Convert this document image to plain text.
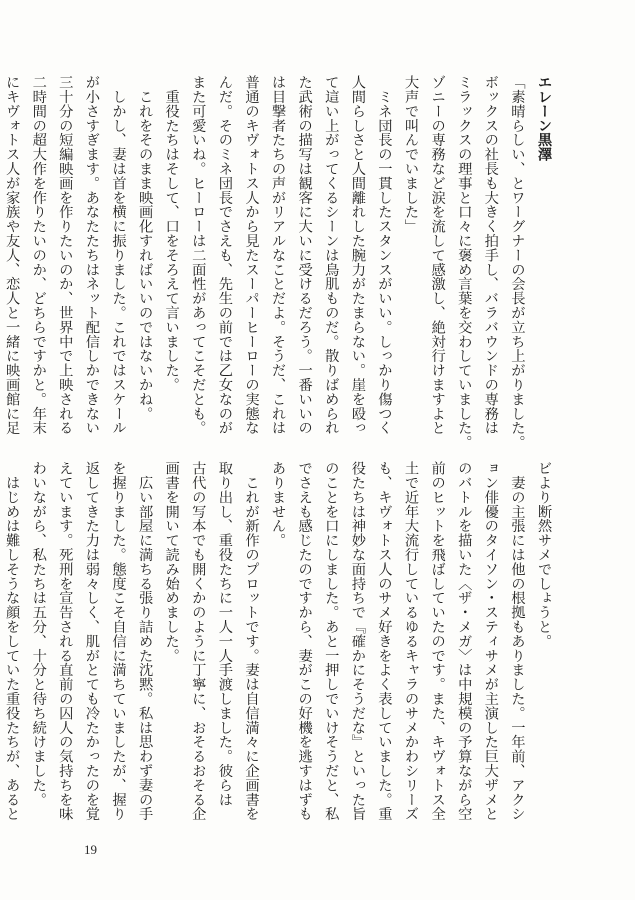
エレーン黒澤
「素晴らしい、とワーグナーの会長が立ち上がりました。
ボックスの社長も大きく拍手し、バラバウンドの専務は
ミラックスの理事と口々に褒め言葉を交わしていました。
ゾニーの専務など涙を流して感激し、絶対行けますよと
大声で叫んでいました」
　ミネ団長の一貫したスタンスがいい。しっかり傷つく
人間らしさと人間離れした腕力がたまらない。崖を殴っ
て這い上がってくるシーンは鳥肌ものだ。散りばめられ
た武術の描写は観客に大いに受けるだろう。一番いいの
は目撃者たちの声がリアルなことだよ。そうだ、これは
普通のキヴォトス人から見たスーパーヒーローの実態な
んだ。そのミネ団長でさえも、先生の前では乙女なのが
また可愛いね。ヒーローは二面性があってこそだとも。
　重役たちはそして、口をそろえて言いました。
　これをそのまま映画化すればいいのではないかね。
　しかし、妻は首を横に振りました。これではスケール
が小さすぎます。あなたたちはネット配信しかできない
三十分の短編映画を作りたいのか、世界中で上映される
二時間の超大作を作りたいのか、どちらですかと。年末
にキヴォトス人が家族や友人、恋人と一緒に映画館に足
ビより断然サメでしょうと。
　妻の主張には他の根拠もありました。一年前、アクシ
ョン俳優のタイソン・スティサメが主演した巨大ザメと
のバトルを描いた〈ザ・メガ〉は中規模の予算ながら空
前のヒットを飛ばしていたのです。また、キヴォトス全
土で近年大流行しているゆるキャラのサメかわシリーズ
も、キヴォトス人のサメ好きをよく表していました。重
役たちは神妙な面持ちで『確かにそうだな』といった旨
のことを口にしました。あと一押しでいけそうだと、私
でさえも感じたのですから、妻がこの好機を逃すはずも
ありません。
　これが新作のプロットです。妻は自信満々に企画書を
取り出し、重役たちに一人一人手渡しました。彼らは
古代の写本でも開くかのように丁寧に、おそるおそる企
画書を開いて読み始めました。
　広い部屋に満ちる張り詰めた沈黙。私は思わず妻の手
を握りました。態度こそ自信に満ちていましたが、握り
返してきた力は弱々しく、肌がとても冷たかったのを覚
えています。死刑を宣告される直前の囚人の気持ちを味
わいながら、私たちは五分、十分と待ち続けました。
　はじめは難しそうな顔をしていた重役たちが、あると
19
